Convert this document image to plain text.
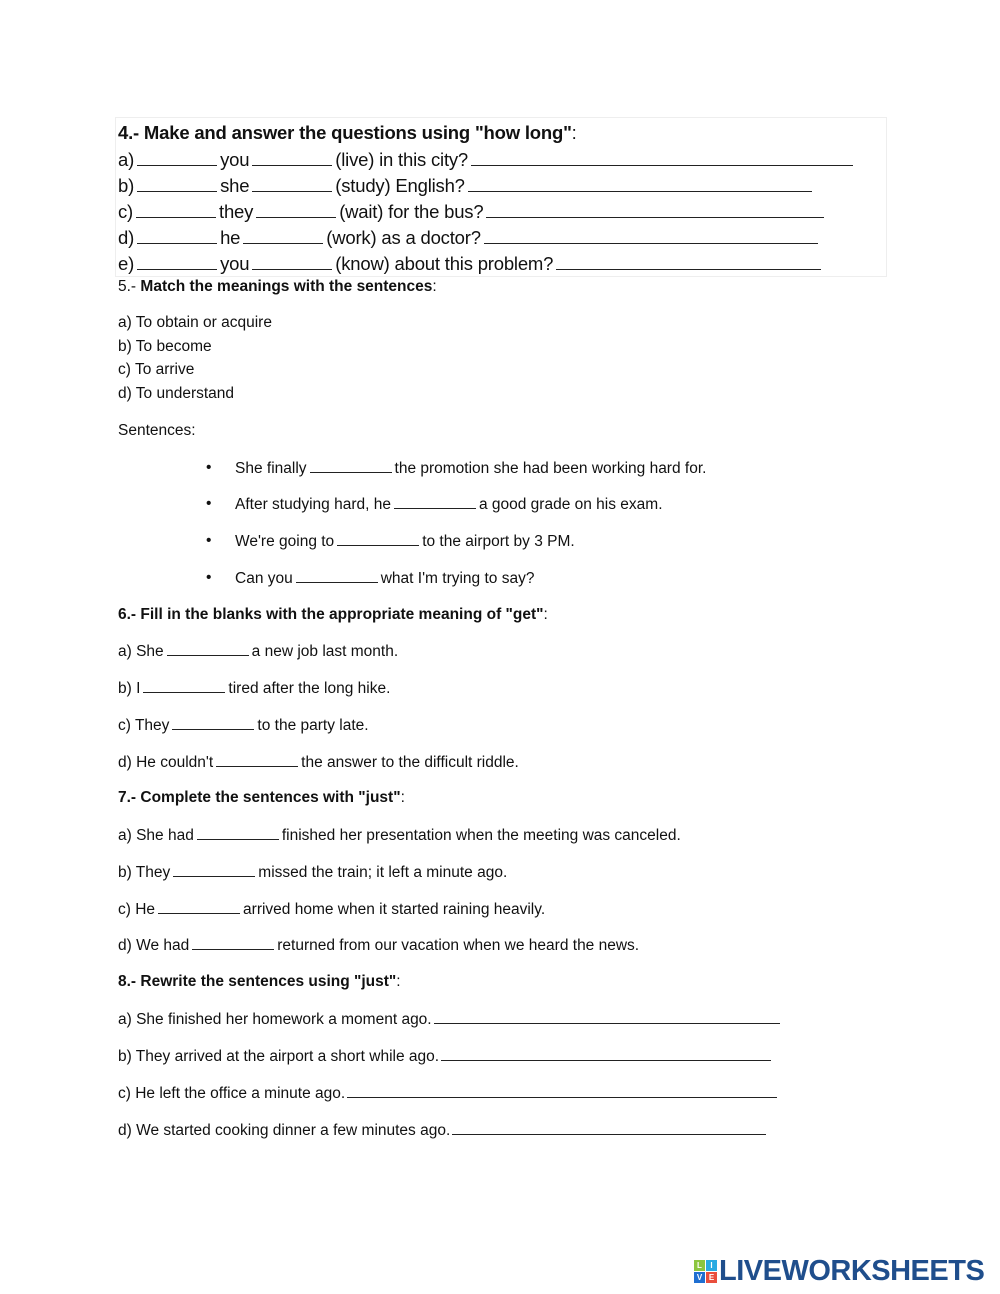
4.- Make and answer the questions using "how long":
a)	you	(live) in this city?
b)	she	(study) English?
c)	they	(wait) for the bus?
d)	he	(work) as a doctor?
e)	you	(know) about this problem?
5.- Match the meanings with the sentences:
a) To obtain or acquire
b) To become
c) To arrive
d) To understand
Sentences:
• She finally	the promotion she had been working hard for.
• After studying hard, he	a good grade on his exam.
• We're going to	to the airport by 3 PM.
• Can you	what I'm trying to say?
6.- Fill in the blanks with the appropriate meaning of "get":
a) She	a new job last month.
b) I	tired after the long hike.
c) They	to the party late.
d) He couldn't	the answer to the difficult riddle.
7.- Complete the sentences with "just":
a) She had	finished her presentation when the meeting was canceled.
b) They	missed the train; it left a minute ago.
c) He	arrived home when it started raining heavily.
d) We had	returned from our vacation when we heard the news.
8.- Rewrite the sentences using "just":
a) She finished her homework a moment ago.
b) They arrived at the airport a short while ago.
c) He left the office a minute ago.
d) We started cooking dinner a few minutes ago.
L	I
V E LIVEWORKSHEETS
